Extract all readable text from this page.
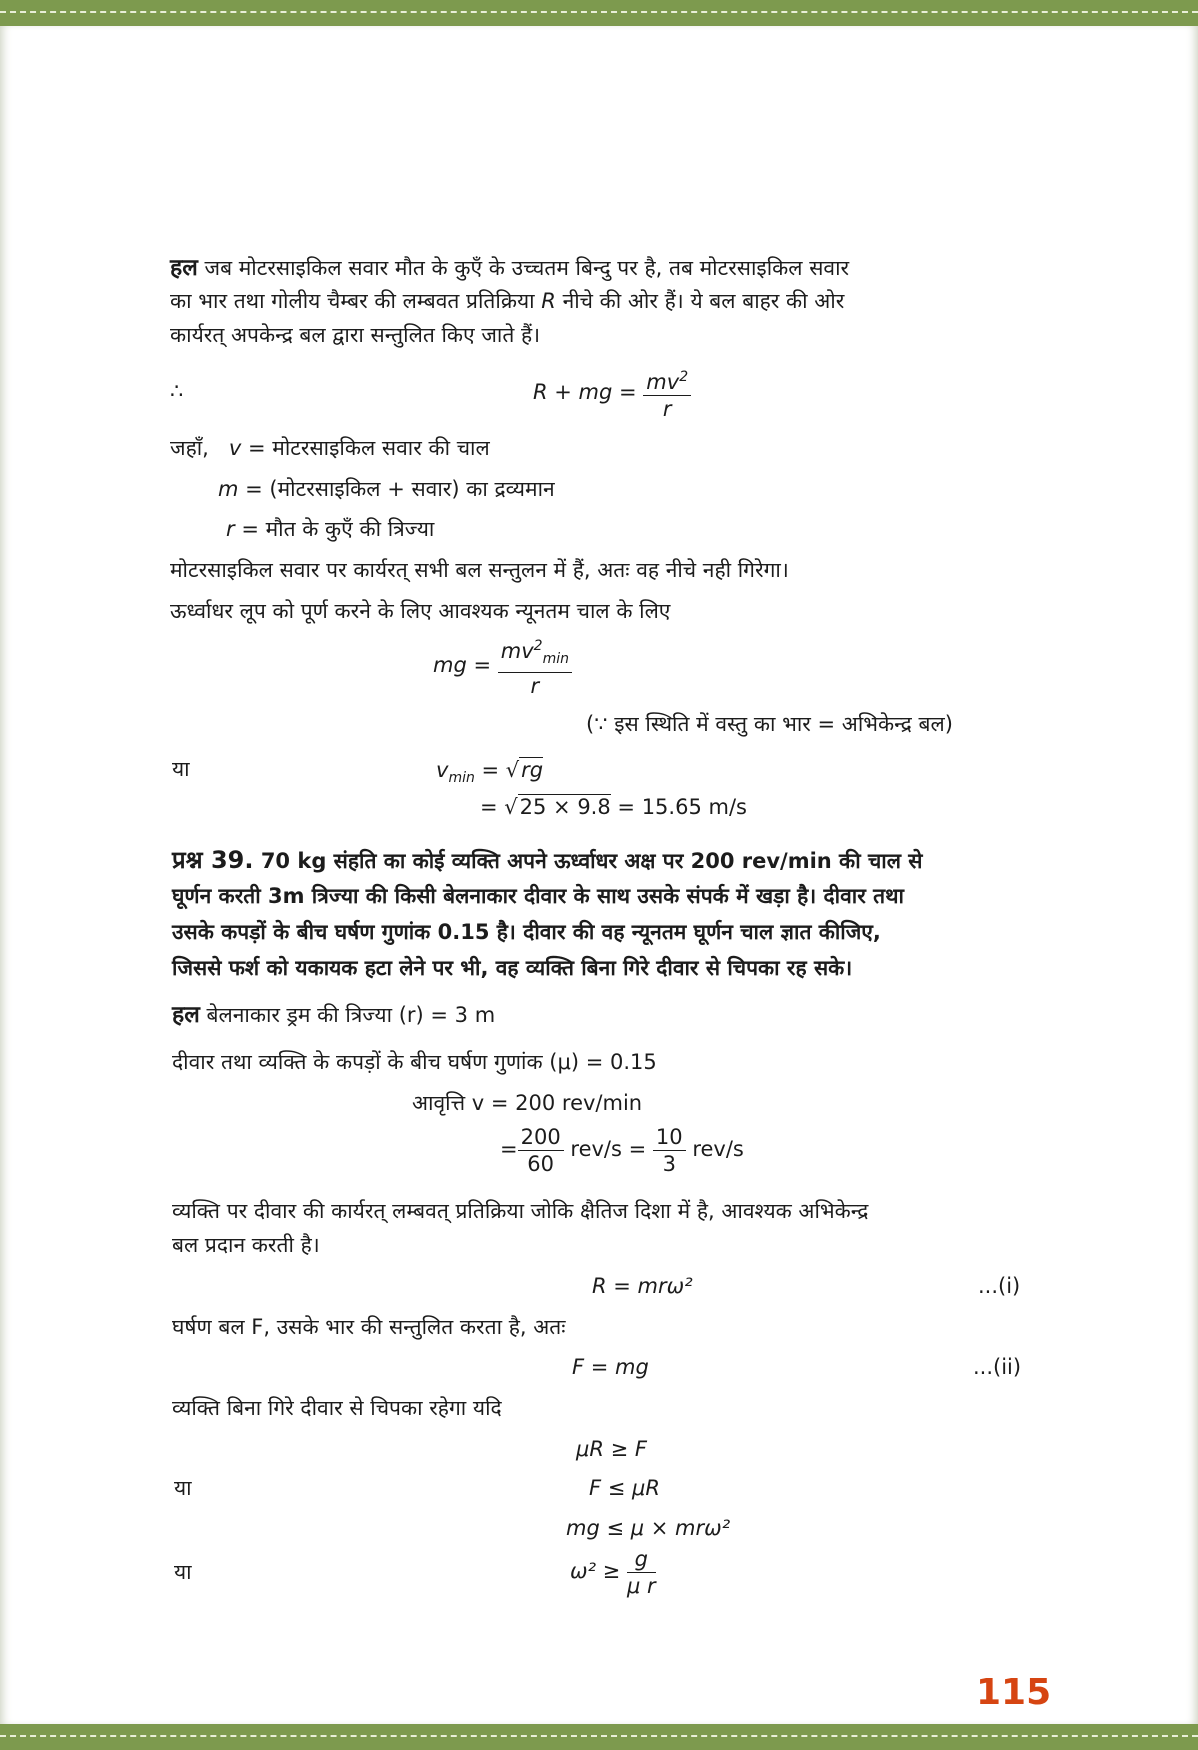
हल जब मोटरसाइकिल सवार मौत के कुएँ के उच्चतम बिन्दु पर है, तब मोटरसाइकिल सवार
का भार तथा गोलीय चैम्बर की लम्बवत प्रतिक्रिया R नीचे की ओर हैं। ये बल बाहर की ओर
कार्यरत् अपकेन्द्र बल द्वारा सन्तुलित किए जाते हैं।
∴	R + mg = $\frac{mv^2}{r}$
जहाँ, v = मोटरसाइकिल सवार की चाल
m = (मोटरसाइकिल + सवार) का द्रव्यमान
r = मौत के कुएँ की त्रिज्या
मोटरसाइकिल सवार पर कार्यरत् सभी बल सन्तुलन में हैं, अतः वह नीचे नही गिरेगा।
ऊर्ध्वाधर लूप को पूर्ण करने के लिए आवश्यक न्यूनतम चाल के लिए
mg = $\frac{mv^2_{min}}{r}$
(∵ इस स्थिति में वस्तु का भार = अभिकेन्द्र बल)
या	$v_{min} = √rg$
= √25 × 9.8 = 15.65 m/s
प्रश्न 39. 70 kg संहति का कोई व्यक्ति अपने ऊर्ध्वाधर अक्ष पर 200 rev/min की चाल से
घूर्णन करती 3m त्रिज्या की किसी बेलनाकार दीवार के साथ उसके संपर्क में खड़ा है। दीवार तथा
उसके कपड़ों के बीच घर्षण गुणांक 0.15 है। दीवार की वह न्यूनतम घूर्णन चाल ज्ञात कीजिए,
जिससे फर्श को यकायक हटा लेने पर भी, वह व्यक्ति बिना गिरे दीवार से चिपका रह सके।
हल बेलनाकार ड्रम की त्रिज्या (r) = 3 m
दीवार तथा व्यक्ति के कपड़ों के बीच घर्षण गुणांक (μ) = 0.15
आवृत्ति v = 200 rev/min
= $\frac{200}{60} rev/s = \frac{10}{3} rev/s$
व्यक्ति पर दीवार की कार्यरत् लम्बवत् प्रतिक्रिया जोकि क्षैतिज दिशा में है, आवश्यक अभिकेन्द्र
बल प्रदान करती है।
R = mrω²	...(i)
घर्षण बल F, उसके भार की सन्तुलित करता है, अतः
F = mg	...(ii)
व्यक्ति बिना गिरे दीवार से चिपका रहेगा यदि
μR ≥ F
या	F ≤ μR
mg ≤ μ × mrω²
या	$\omega^2 \ge \frac{g}{\text{μ r}}$
115
